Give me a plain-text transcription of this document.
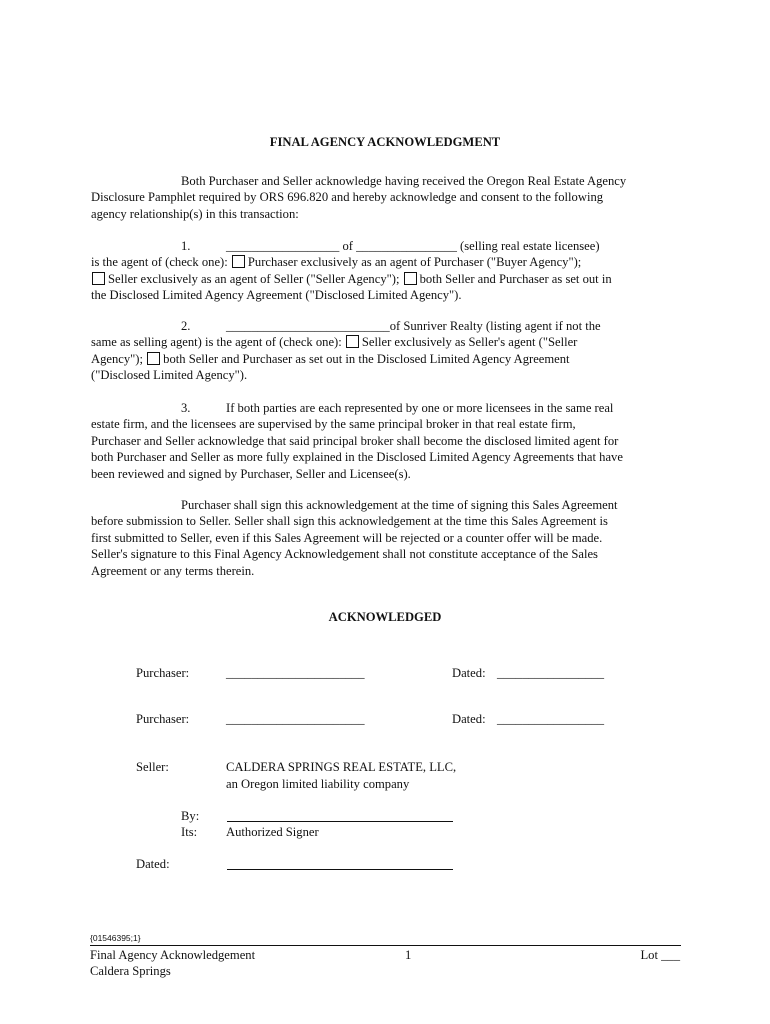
FINAL AGENCY ACKNOWLEDGMENT
Both Purchaser and Seller acknowledge having received the Oregon Real Estate Agency
Disclosure Pamphlet required by ORS 696.820 and hereby acknowledge and consent to the following
agency relationship(s) in this transaction:
1.	__________________ of ________________ (selling real estate licensee)
is the agent of (check one): Purchaser exclusively as an agent of Purchaser ("Buyer Agency");
Seller exclusively as an agent of Seller ("Seller Agency"); both Seller and Purchaser as set out in
the Disclosed Limited Agency Agreement ("Disclosed Limited Agency").
2.	__________________________of Sunriver Realty (listing agent if not the
same as selling agent) is the agent of (check one): Seller exclusively as Seller's agent ("Seller
Agency"); both Seller and Purchaser as set out in the Disclosed Limited Agency Agreement
("Disclosed Limited Agency").
3.	If both parties are each represented by one or more licensees in the same real
estate firm, and the licensees are supervised by the same principal broker in that real estate firm,
Purchaser and Seller acknowledge that said principal broker shall become the disclosed limited agent for
both Purchaser and Seller as more fully explained in the Disclosed Limited Agency Agreements that have
been reviewed and signed by Purchaser, Seller and Licensee(s).
Purchaser shall sign this acknowledgement at the time of signing this Sales Agreement
before submission to Seller. Seller shall sign this acknowledgement at the time this Sales Agreement is
first submitted to Seller, even if this Sales Agreement will be rejected or a counter offer will be made.
Seller's signature to this Final Agency Acknowledgement shall not constitute acceptance of the Sales
Agreement or any terms therein.
ACKNOWLEDGED
Purchaser:	______________________	Dated: _________________
Purchaser:	______________________	Dated: _________________
Seller:	CALDERA SPRINGS REAL ESTATE, LLC,
an Oregon limited liability company
By:
Its: Authorized Signer
Dated:
{01546395;1}
Final Agency Acknowledgement
Caldera Springs
1	Lot ___
